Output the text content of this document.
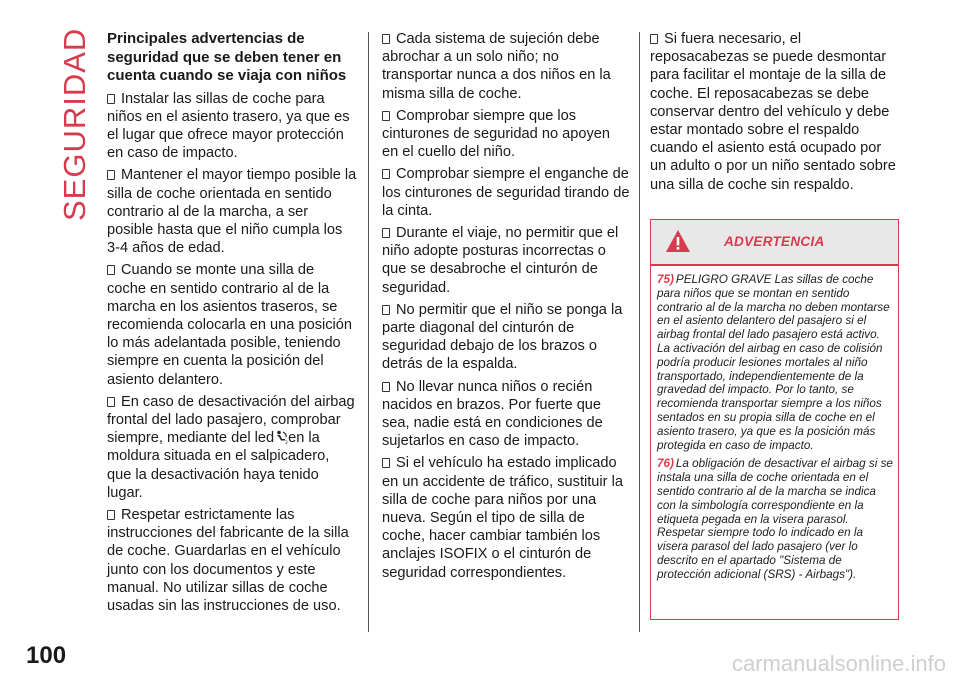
SEGURIDAD Principales advertencias de seguridad que se deben tener en cuenta cuando se viaja con niños
Instalar las sillas de coche para niños en el asiento trasero, ya que es el lugar que ofrece mayor protección en caso de impacto.
Mantener el mayor tiempo posible la silla de coche orientada en sentido contrario al de la marcha, a ser posible hasta que el niño cumpla los 3-4 años de edad.
Cuando se monte una silla de coche en sentido contrario al de la marcha en los asientos traseros, se recomienda colocarla en una posición lo más adelantada posible, teniendo siempre en cuenta la posición del asiento delantero.
En caso de desactivación del airbag frontal del lado pasajero, comprobar siempre, mediante del led 2 en la moldura situada en el salpicadero, que la desactivación haya tenido lugar.
Respetar estrictamente las instrucciones del fabricante de la silla de coche. Guardarlas en el vehículo junto con los documentos y este manual. No utilizar sillas de coche usadas sin las instrucciones de uso.
Cada sistema de sujeción debe abrochar a un solo niño; no transportar nunca a dos niños en la misma silla de coche.
Comprobar siempre que los cinturones de seguridad no apoyen en el cuello del niño.
Comprobar siempre el enganche de los cinturones de seguridad tirando de la cinta.
Durante el viaje, no permitir que el niño adopte posturas incorrectas o que se desabroche el cinturón de seguridad.
No permitir que el niño se ponga la parte diagonal del cinturón de seguridad debajo de los brazos o detrás de la espalda.
No llevar nunca niños o recién nacidos en brazos. Por fuerte que sea, nadie está en condiciones de sujetarlos en caso de impacto.
Si el vehículo ha estado implicado en un accidente de tráfico, sustituir la silla de coche para niños por una nueva. Según el tipo de silla de coche, hacer cambiar también los anclajes ISOFIX o el cinturón de seguridad correspondientes.
Si fuera necesario, el reposacabezas se puede desmontar para facilitar el montaje de la silla de coche. El reposacabezas se debe conservar dentro del vehículo y debe estar montado sobre el respaldo cuando el asiento está ocupado por un adulto o por un niño sentado sobre una silla de coche sin respaldo.
ADVERTENCIA

75) PELIGRO GRAVE Las sillas de coche para niños que se montan en sentido contrario al de la marcha no deben montarse en el asiento delantero del pasajero si el airbag frontal del lado pasajero está activo. La activación del airbag en caso de colisión podría producir lesiones mortales al niño transportado, independientemente de la gravedad del impacto. Por lo tanto, se recomienda transportar siempre a los niños sentados en su propia silla de coche en el asiento trasero, ya que es la posición más protegida en caso de impacto.

76) La obligación de desactivar el airbag si se instala una silla de coche orientada en el sentido contrario al de la marcha se indica con la simbología correspondiente en la etiqueta pegada en la visera parasol. Respetar siempre todo lo indicado en la visera parasol del lado pasajero (ver lo descrito en el apartado "Sistema de protección adicional (SRS) - Airbags").

100	carmanualsonline.info
